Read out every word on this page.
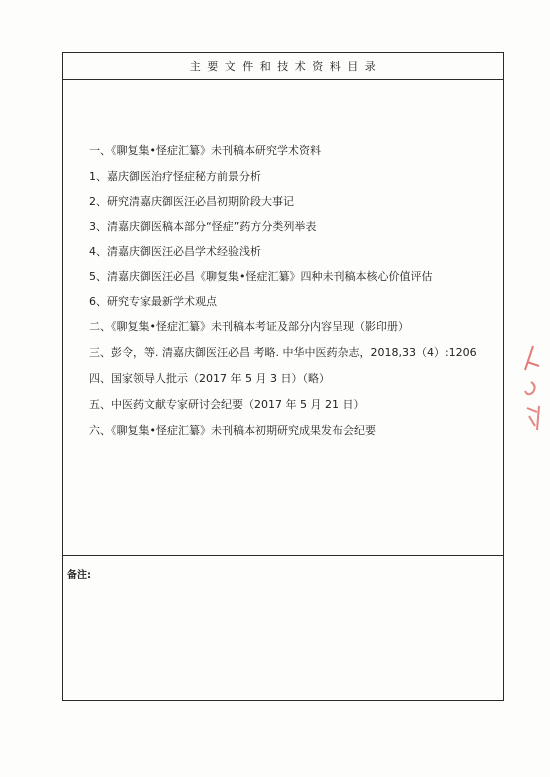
主要文件和技术资料目录
一、《聊复集•怪症汇纂》未刊稿本研究学术资料
1、嘉庆御医治疗怪症秘方前景分析
2、研究清嘉庆御医汪必昌初期阶段大事记
3、清嘉庆御医稿本部分“怪症”药方分类列举表
4、清嘉庆御医汪必昌学术经验浅析
5、清嘉庆御医汪必昌《聊复集•怪症汇纂》四种未刊稿本核心价值评估
6、研究专家最新学术观点
二、《聊复集•怪症汇纂》未刊稿本考证及部分内容呈现（影印册）
三、彭令，等. 清嘉庆御医汪必昌 考略. 中华中医药杂志，2018,33（4）:1206
四、国家领导人批示（2017 年 5 月 3 日）（略）
五、中医药文献专家研讨会纪要（2017 年 5 月 21 日）
六、《聊复集•怪症汇纂》未刊稿本初期研究成果发布会纪要
备注:
